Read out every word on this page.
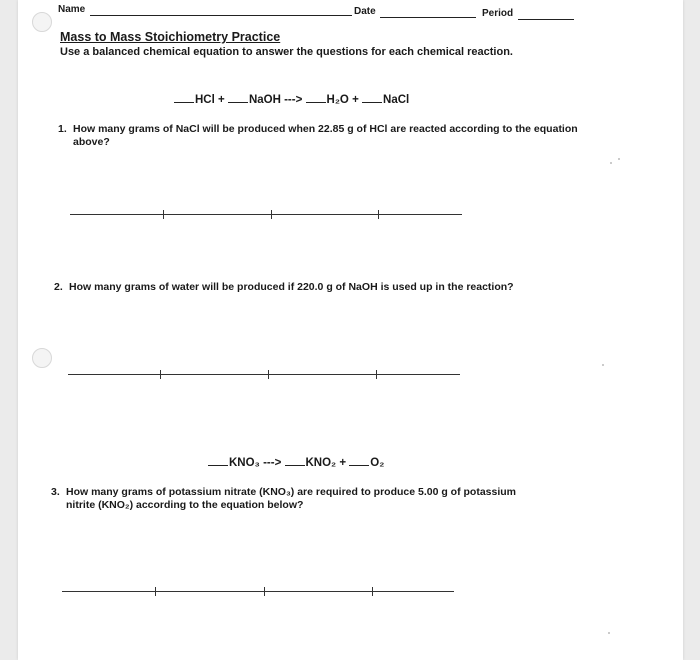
Name	Date	Period
Mass to Mass Stoichiometry Practice
Use a balanced chemical equation to answer the questions for each chemical reaction.
HCl + NaOH ---> H₂O + NaCl
1. How many grams of NaCl will be produced when 22.85 g of HCl are reacted according to the equation above?
2. How many grams of water will be produced if 220.0 g of NaOH is used up in the reaction?
KNO₃ ---> KNO₂ + O₂
3. How many grams of potassium nitrate (KNO₃) are required to produce 5.00 g of potassium nitrite (KNO₂) according to the equation below?
